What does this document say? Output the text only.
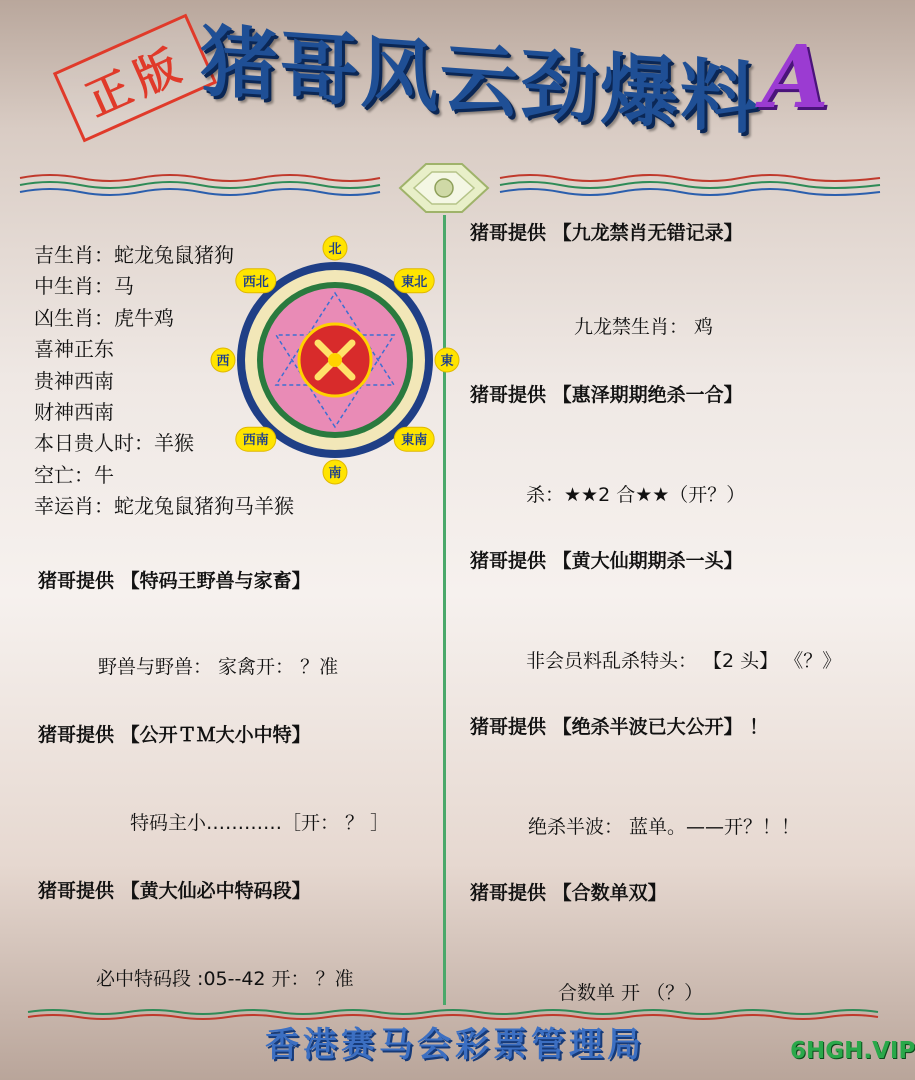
正版 猪哥风云劲爆料 A
吉生肖：蛇龙兔鼠猪狗
中生肖：马
凶生肖：虎牛鸡
喜神正东
贵神西南
财神西南
本日贵人时：羊猴
空亡：牛
幸运肖：蛇龙兔鼠猪狗马羊猴
北
東北
東
東南
南
西南
西
西北
猪哥提供 【特码王野兽与家畜】
野兽与野兽： 家禽开： ？准
猪哥提供 【公开ＴＭ大小中特】
特码主小…………［开： ？ ］
猪哥提供 【黄大仙必中特码段】
必中特码段 :05--42 开： ？准
猪哥提供 【九龙禁肖无错记录】
九龙禁生肖： 鸡
猪哥提供 【惠泽期期绝杀一合】
杀：★★2 合★★（开？）
猪哥提供 【黄大仙期期杀一头】
非会员料乱杀特头： 【2 头】 《？》
猪哥提供 【绝杀半波已大公开】 ！
绝杀半波： 蓝单。——开？！！
猪哥提供 【合数单双】
合数单 开 （？）
香港赛马会彩票管理局	6HGH.VIP
